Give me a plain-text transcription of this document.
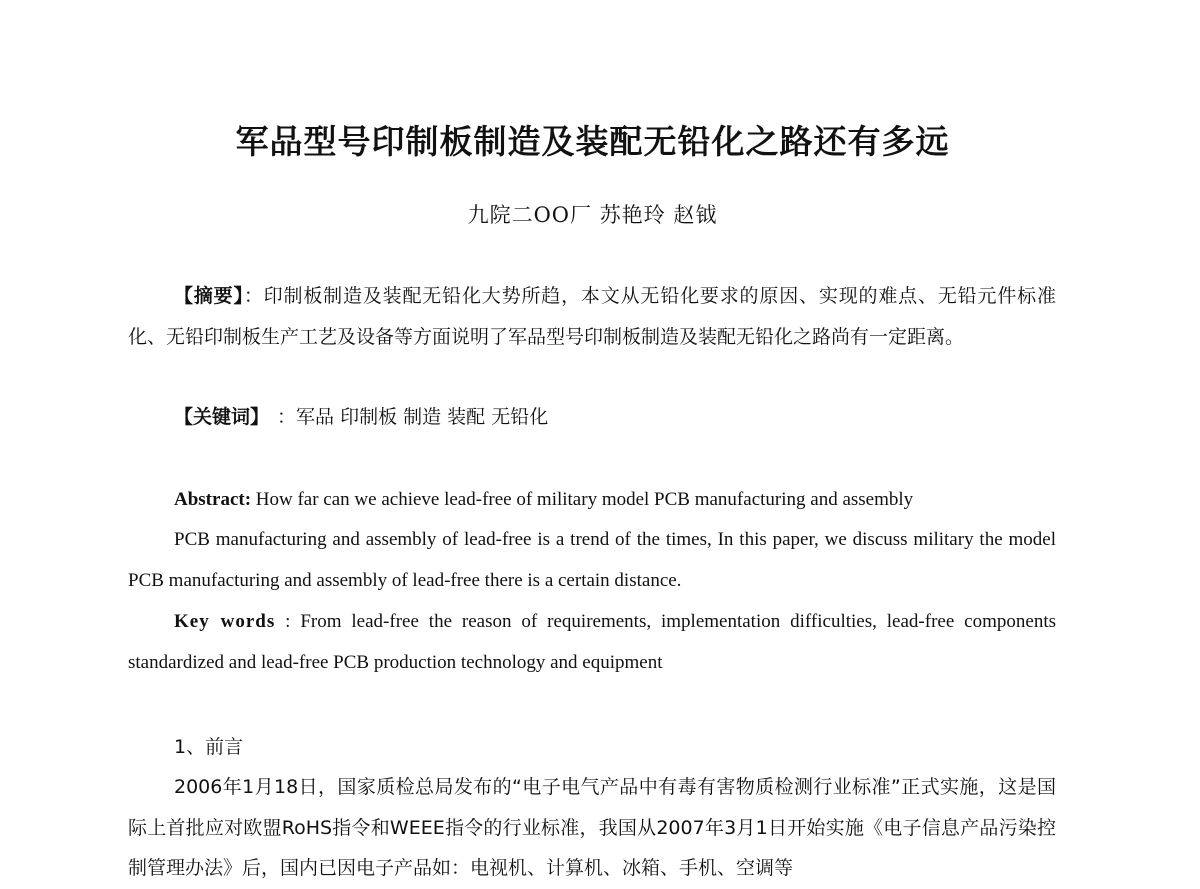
军品型号印制板制造及装配无铅化之路还有多远
九院二OO厂 苏艳玲 赵钺

【摘要】：印制板制造及装配无铅化大势所趋，本文从无铅化要求的原因、实现的难点、无铅元件标准化、无铅印制板生产工艺及设备等方面说明了军品型号印制板制造及装配无铅化之路尚有一定距离。

【关键词】 ：军品 印制板 制造 装配 无铅化

Abstract: How far can we achieve lead-free of military model PCB manufacturing and assembly

PCB manufacturing and assembly of lead-free is a trend of the times, In this paper, we discuss military the model PCB manufacturing and assembly of lead-free there is a certain distance.

Key words : From lead-free the reason of requirements, implementation difficulties, lead-free components standardized and lead-free PCB production technology and equipment

1、前言

2006年1月18日，国家质检总局发布的“电子电气产品中有毒有害物质检测行业标准”正式实施，这是国际上首批应对欧盟RoHS指令和WEEE指令的行业标准，我国从2007年3月1日开始实施《电子信息产品污染控制管理办法》后，国内已因电子产品如：电视机、计算机、冰箱、手机、空调等
